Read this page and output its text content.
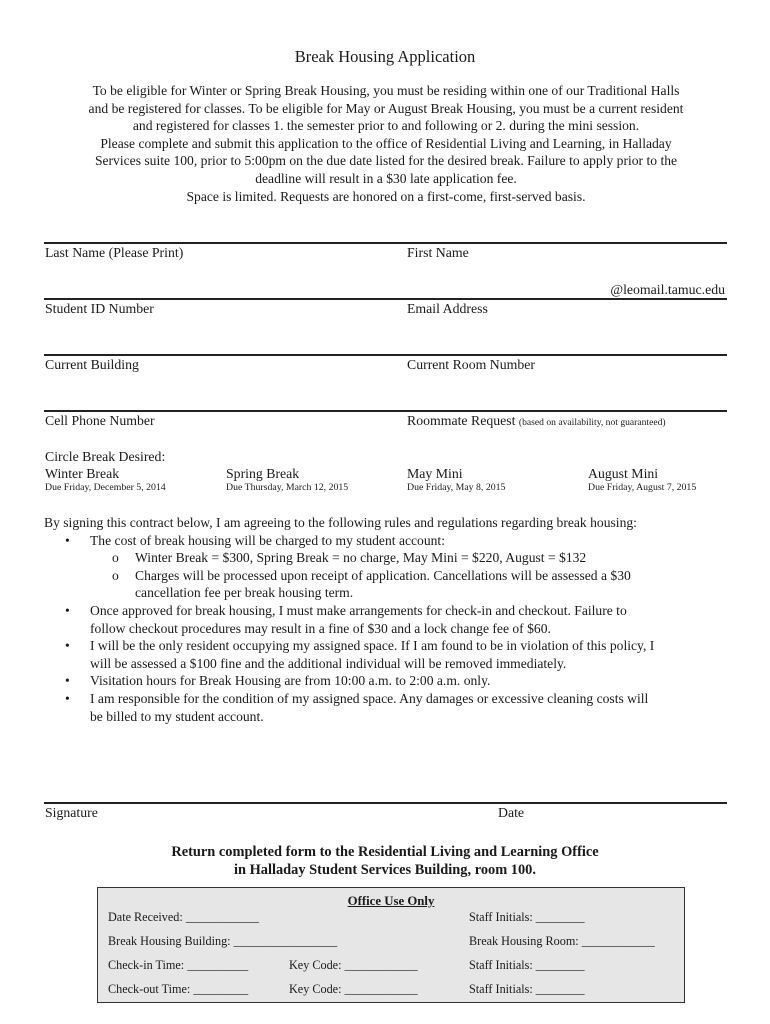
Break Housing Application
To be eligible for Winter or Spring Break Housing, you must be residing within one of our Traditional Halls
and be registered for classes. To be eligible for May or August Break Housing, you must be a current resident
and registered for classes 1. the semester prior to and following or 2. during the mini session.
Please complete and submit this application to the office of Residential Living and Learning, in Halladay
Services suite 100, prior to 5:00pm on the due date listed for the desired break. Failure to apply prior to the
deadline will result in a $30 late application fee.
Space is limited. Requests are honored on a first-come, first-served basis.
Last Name (Please Print)	First Name
@leomail.tamuc.edu
Student ID Number	Email Address
Current Building	Current Room Number
Cell Phone Number	Roommate Request (based on availability, not guaranteed)
Circle Break Desired:
Winter Break
Due Friday, December 5, 2014
Spring Break
Due Thursday, March 12, 2015
May Mini
Due Friday, May 8, 2015
August Mini
Due Friday, August 7, 2015

By signing this contract below, I am agreeing to the following rules and regulations regarding break housing:

• The cost of break housing will be charged to my student account:
o Winter Break = $300, Spring Break = no charge, May Mini = $220, August = $132
o Charges will be processed upon receipt of application. Cancellations will be assessed a $30
cancellation fee per break housing term.
• Once approved for break housing, I must make arrangements for check-in and checkout. Failure to
follow checkout procedures may result in a fine of $30 and a lock change fee of $60.
• I will be the only resident occupying my assigned space. If I am found to be in violation of this policy, I
will be assessed a $100 fine and the additional individual will be removed immediately.
• Visitation hours for Break Housing are from 10:00 a.m. to 2:00 a.m. only.
• I am responsible for the condition of my assigned space. Any damages or excessive cleaning costs will
be billed to my student account.
Signature	Date
Return completed form to the Residential Living and Learning Office
in Halladay Student Services Building, room 100.
Office Use Only
Date Received: ____________	Staff Initials: ________
Break Housing Building: _________________	Break Housing Room: ____________
Check-in Time: __________	Key Code: ____________	Staff Initials: ________
Check-out Time: _________	Key Code: ____________	Staff Initials: ________
